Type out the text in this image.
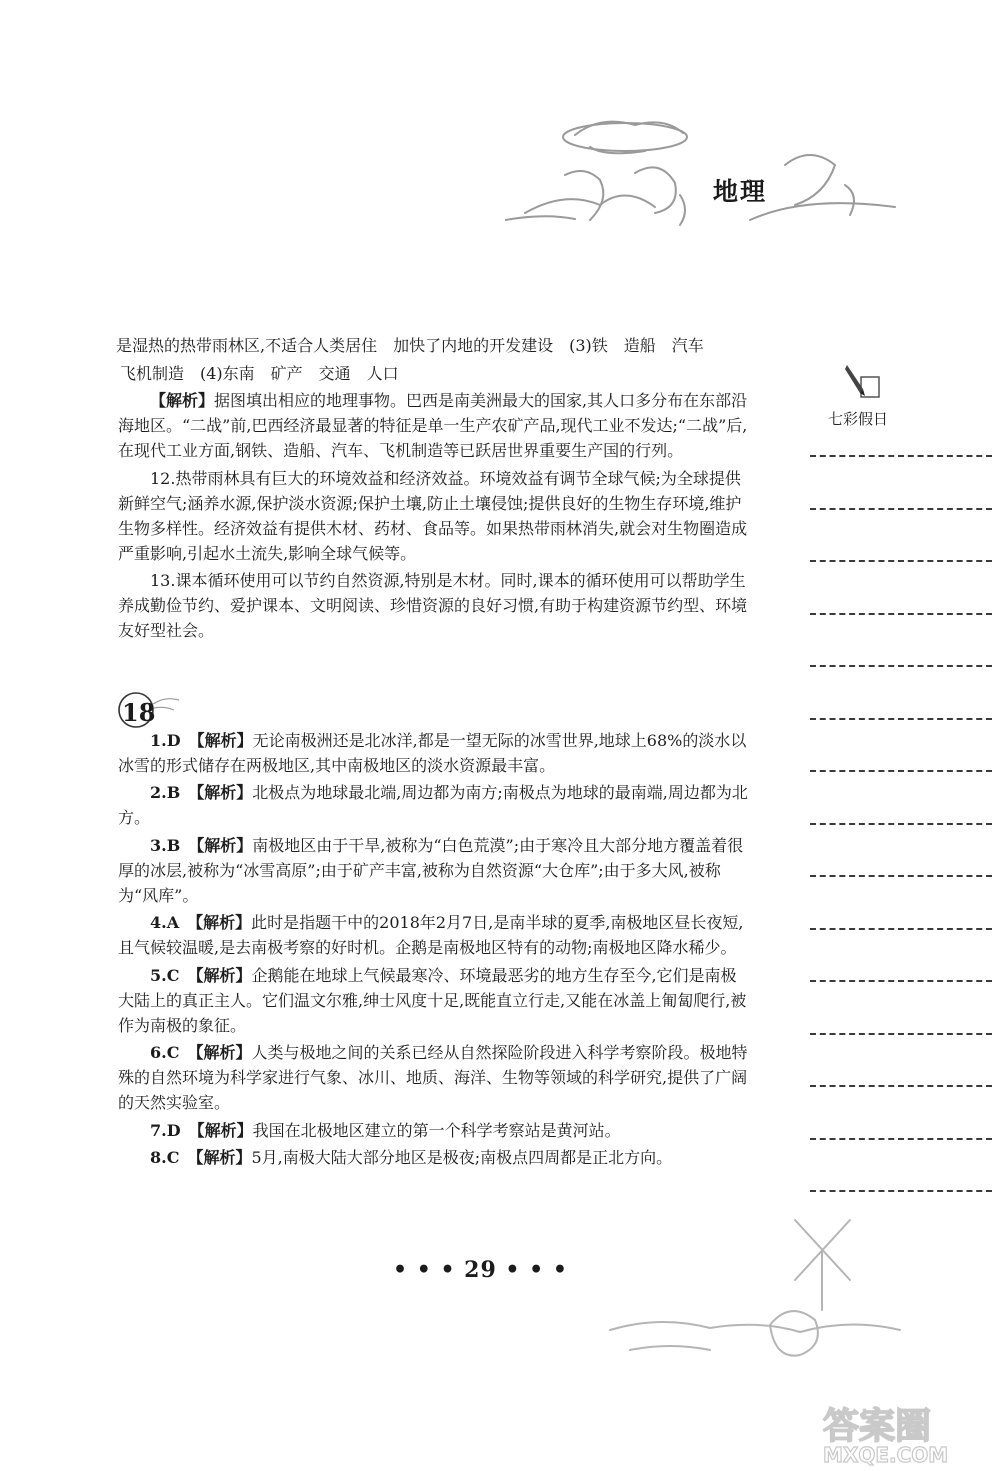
地理
七彩假日

是湿热的热带雨林区,不适合人类居住　加快了内地的开发建设　(3)铁　造船　汽车

飞机制造　(4)东南　矿产　交通　人口

【解析】据图填出相应的地理事物。巴西是南美洲最大的国家,其人口多分布在东部沿海地区。“二战”前,巴西经济最显著的特征是单一生产农矿产品,现代工业不发达;“二战”后,在现代工业方面,钢铁、造船、汽车、飞机制造等已跃居世界重要生产国的行列。

12.热带雨林具有巨大的环境效益和经济效益。环境效益有调节全球气候;为全球提供新鲜空气;涵养水源,保护淡水资源;保护土壤,防止土壤侵蚀;提供良好的生物生存环境,维护生物多样性。经济效益有提供木材、药材、食品等。如果热带雨林消失,就会对生物圈造成严重影响,引起水土流失,影响全球气候等。

13.课本循环使用可以节约自然资源,特别是木材。同时,课本的循环使用可以帮助学生养成勤俭节约、爱护课本、文明阅读、珍惜资源的良好习惯,有助于构建资源节约型、环境友好型社会。

1.D　 【解析】无论南极洲还是北冰洋,都是一望无际的冰雪世界,地球上68%的淡水以冰雪的形式储存在两极地区,其中南极地区的淡水资源最丰富。

2.B　 【解析】北极点为地球最北端,周边都为南方;南极点为地球的最南端,周边都为北方。

3.B　 【解析】南极地区由于干旱,被称为“白色荒漠”;由于寒冷且大部分地方覆盖着很厚的冰层,被称为“冰雪高原”;由于矿产丰富,被称为自然资源“大仓库”;由于多大风,被称为“风库”。

4.A　 【解析】此时是指题干中的2018年2月7日,是南半球的夏季,南极地区昼长夜短,且气候较温暖,是去南极考察的好时机。企鹅是南极地区特有的动物;南极地区降水稀少。

5.C　 【解析】企鹅能在地球上气候最寒冷、环境最恶劣的地方生存至今,它们是南极大陆上的真正主人。它们温文尔雅,绅士风度十足,既能直立行走,又能在冰盖上匍匐爬行,被作为南极的象征。

6.C　 【解析】人类与极地之间的关系已经从自然探险阶段进入科学考察阶段。极地特殊的自然环境为科学家进行气象、冰川、地质、海洋、生物等领域的科学研究,提供了广阔的天然实验室。

7.D　 【解析】我国在北极地区建立的第一个科学考察站是黄河站。

8.C　 【解析】5月,南极大陆大部分地区是极夜;南极点四周都是正北方向。

18
• • • 29 • • •
答案圈
MXQE.COM
